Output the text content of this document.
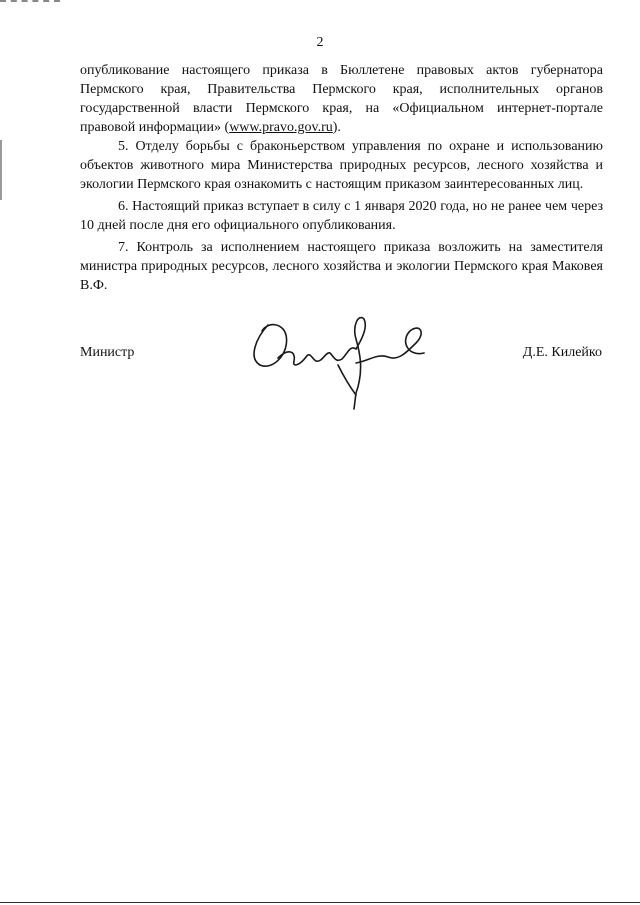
2

опубликование настоящего приказа в Бюллетене правовых актов губернатора Пермского края, Правительства Пермского края, исполнительных органов государственной власти Пермского края, на «Официальном интернет-портале правовой информации» (www.pravo.gov.ru).

5. Отделу борьбы с браконьерством управления по охране и использованию объектов животного мира Министерства природных ресурсов, лесного хозяйства и экологии Пермского края ознакомить с настоящим приказом заинтересованных лиц.

6. Настоящий приказ вступает в силу с 1 января 2020 года, но не ранее чем через 10 дней после дня его официального опубликования.

7. Контроль за исполнением настоящего приказа возложить на заместителя министра природных ресурсов, лесного хозяйства и экологии Пермского края Маковея В.Ф.

Министр	Д.Е. Килейко
